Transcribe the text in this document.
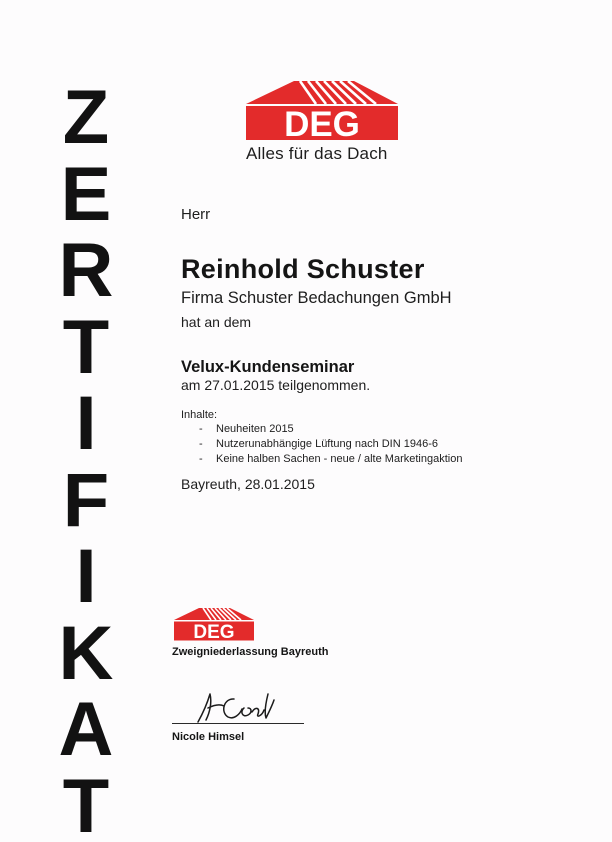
Z
E
R
T
I
F
I
K
A
T
DEG
Alles für das Dach
Herr
Reinhold Schuster
Firma Schuster Bedachungen GmbH
hat an dem
Velux-Kundenseminar
am 27.01.2015 teilgenommen.
Inhalte:
- Neuheiten 2015
- Nutzerunabhängige Lüftung nach DIN 1946-6
- Keine halben Sachen - neue / alte Marketingaktion
Bayreuth, 28.01.2015
DEG
Zweigniederlassung Bayreuth
Nicole Himsel
